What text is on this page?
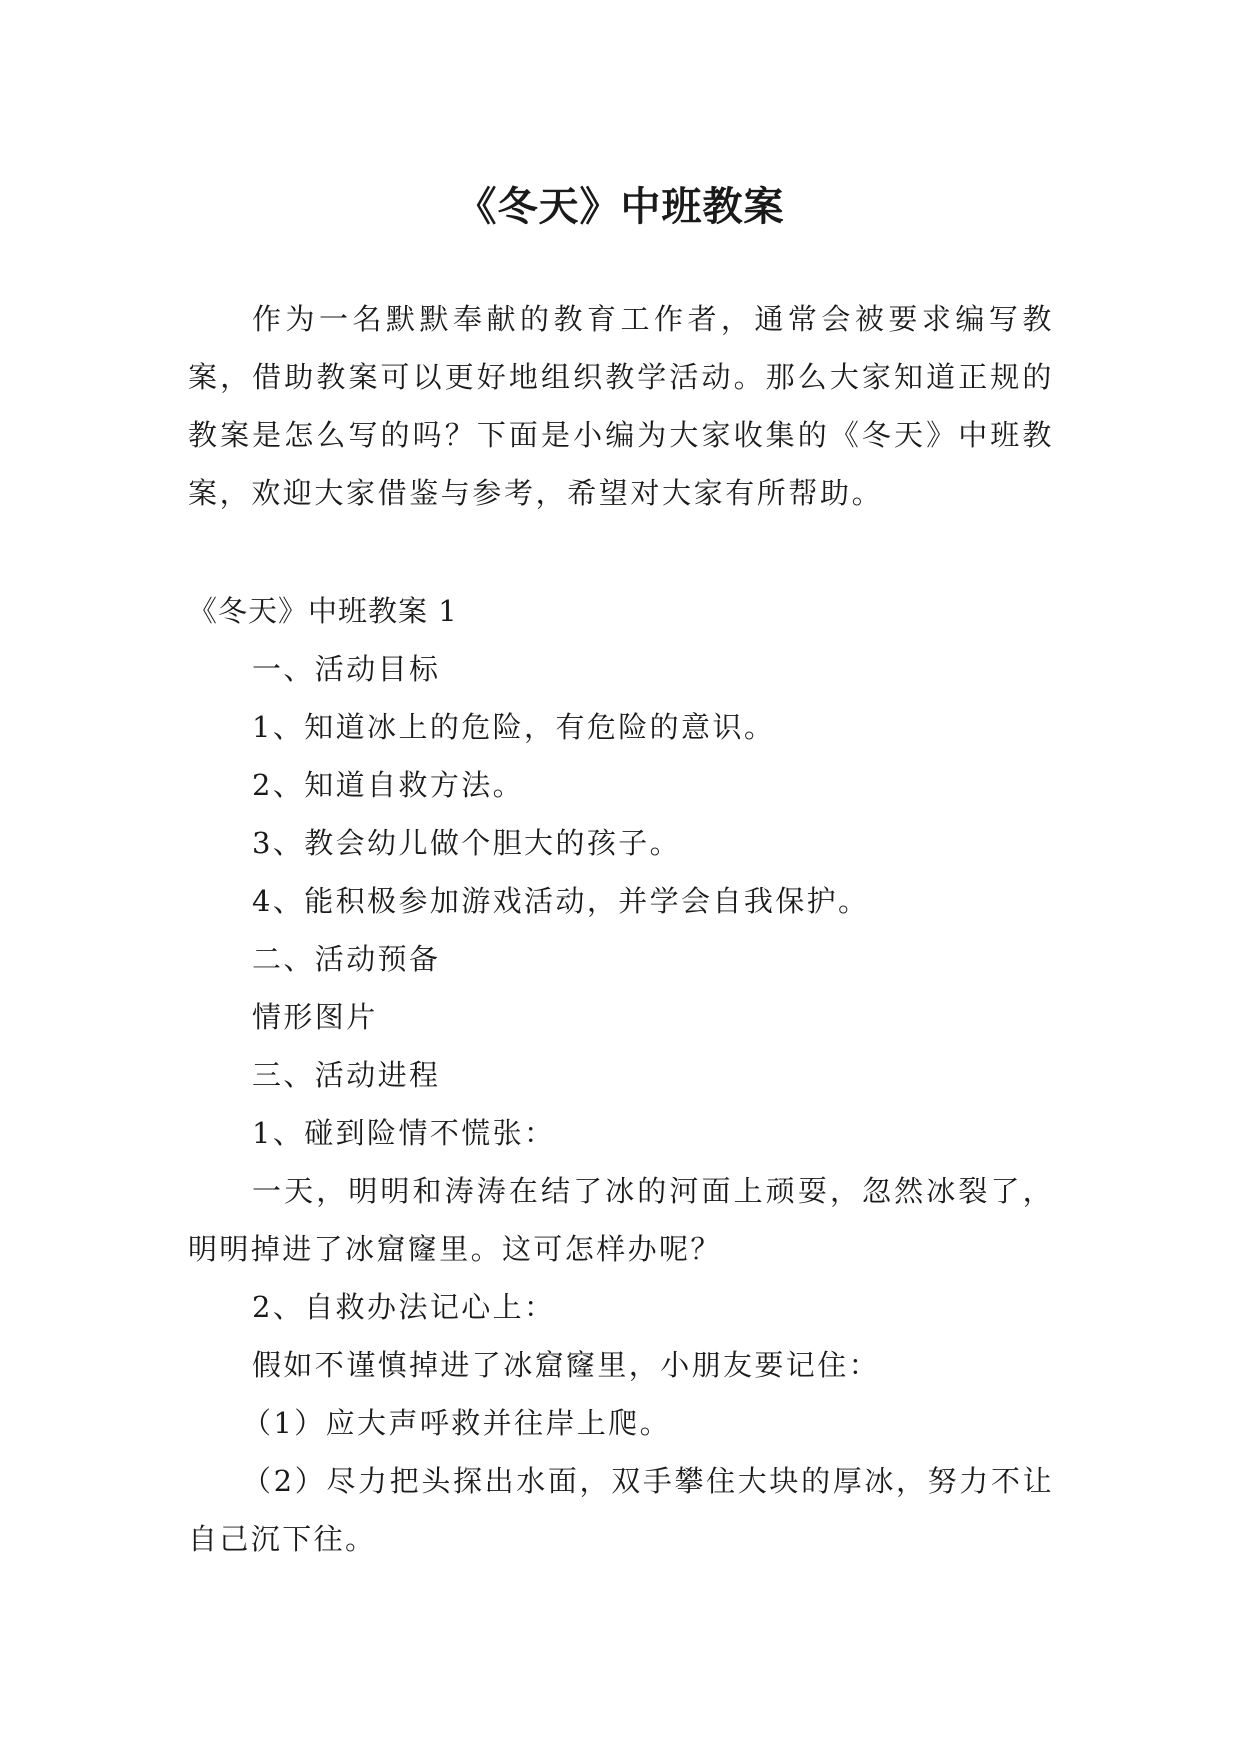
《冬天》中班教案

作为一名默默奉献的教育工作者，通常会被要求编写教案，借助教案可以更好地组织教学活动。那么大家知道正规的教案是怎么写的吗？下面是小编为大家收集的《冬天》中班教案，欢迎大家借鉴与参考，希望对大家有所帮助。

《冬天》中班教案 1

一、活动目标

1、知道冰上的危险，有危险的意识。

2、知道自救方法。

3、教会幼儿做个胆大的孩子。

4、能积极参加游戏活动，并学会自我保护。

二、活动预备

情形图片

三、活动进程

1、碰到险情不慌张：

一天，明明和涛涛在结了冰的河面上顽耍，忽然冰裂了，明明掉进了冰窟窿里。这可怎样办呢？

2、自救办法记心上：

假如不谨慎掉进了冰窟窿里，小朋友要记住：

（1）应大声呼救并往岸上爬。

（2）尽力把头探出水面，双手攀住大块的厚冰，努力不让自己沉下往。
